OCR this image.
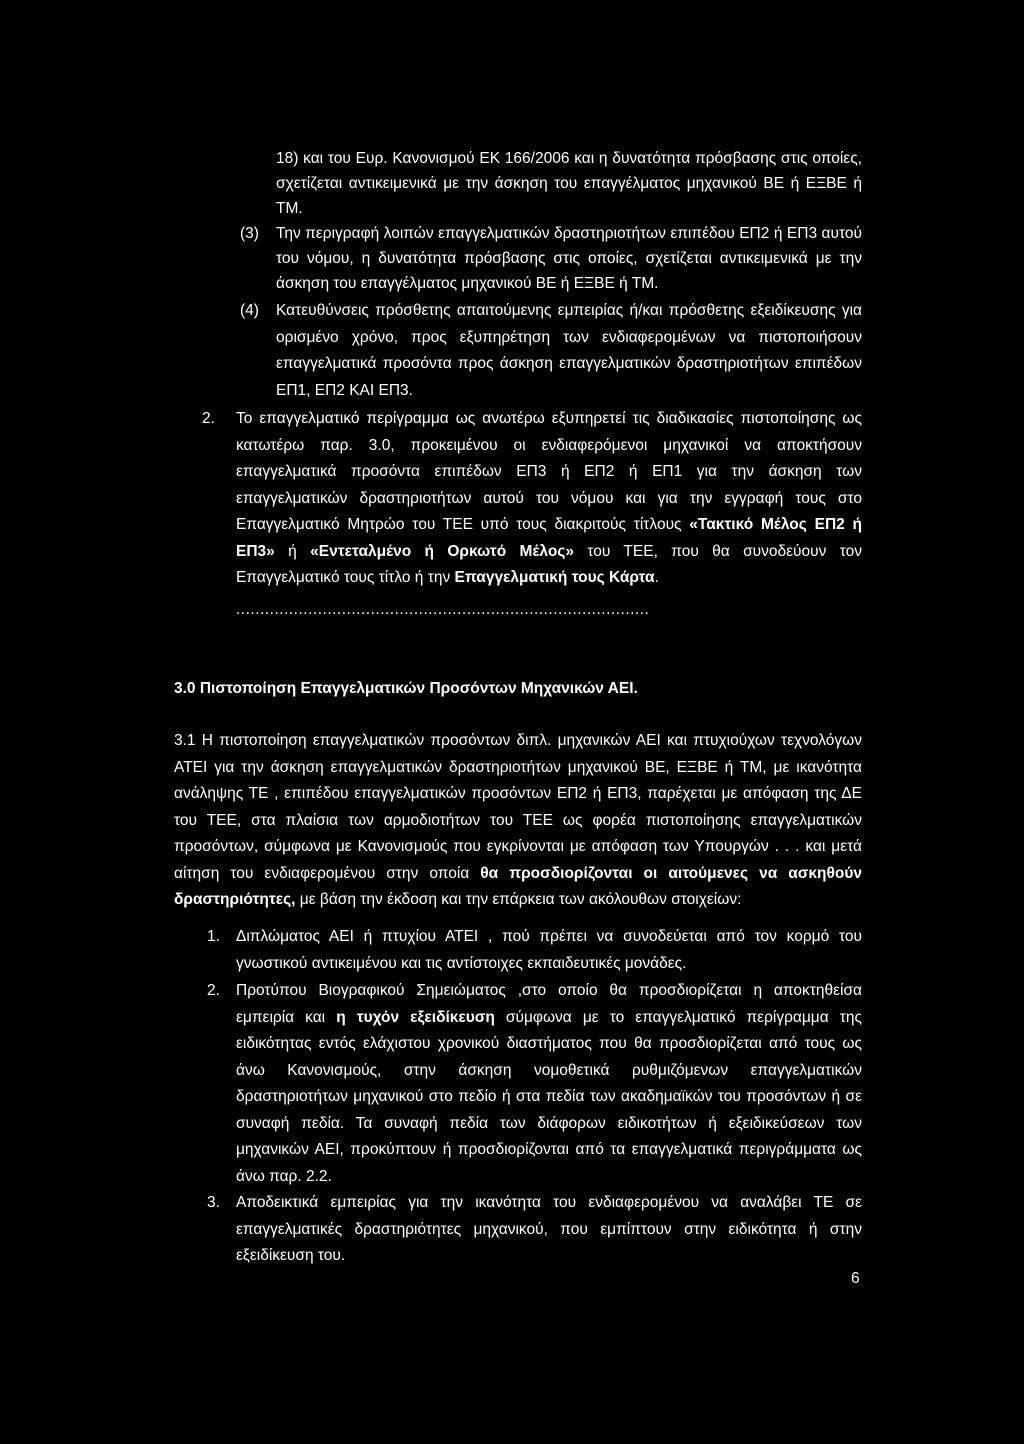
18) και του Ευρ. Κανονισμού ΕΚ 166/2006 και η δυνατότητα πρόσβασης στις οποίες, σχετίζεται αντικειμενικά με την άσκηση του επαγγέλματος μηχανικού ΒΕ ή ΕΞΒΕ ή ΤΜ.
(3) Την περιγραφή λοιπών επαγγελματικών δραστηριοτήτων επιπέδου ΕΠ2 ή ΕΠ3 αυτού του νόμου, η δυνατότητα πρόσβασης στις οποίες, σχετίζεται αντικειμενικά με την άσκηση του επαγγέλματος μηχανικού ΒΕ ή ΕΞΒΕ ή ΤΜ.
(4) Κατευθύνσεις πρόσθετης απαιτούμενης εμπειρίας ή/και πρόσθετης εξειδίκευσης για ορισμένο χρόνο, προς εξυπηρέτηση των ενδιαφερομένων να πιστοποιήσουν επαγγελματικά προσόντα προς άσκηση επαγγελματικών δραστηριοτήτων επιπέδων ΕΠ1, ΕΠ2 ΚΑΙ ΕΠ3.
2. Το επαγγελματικό περίγραμμα ως ανωτέρω εξυπηρετεί τις διαδικασίες πιστοποίησης ως κατωτέρω παρ. 3.0, προκειμένου οι ενδιαφερόμενοι μηχανικοί να αποκτήσουν επαγγελματικά προσόντα επιπέδων ΕΠ3 ή ΕΠ2 ή ΕΠ1 για την άσκηση των επαγγελματικών δραστηριοτήτων αυτού του νόμου και για την εγγραφή τους στο Επαγγελματικό Μητρώο του ΤΕΕ υπό τους διακριτούς τίτλους «Τακτικό Μέλος ΕΠ2 ή ΕΠ3» ή «Εντεταλμένο ή Ορκωτό Μέλος» του ΤΕΕ, που θα συνοδεύουν τον Επαγγελματικό τους τίτλο ή την Επαγγελματική τους Κάρτα.
......................................................................................
3.0 Πιστοποίηση Επαγγελματικών Προσόντων Μηχανικών ΑΕΙ.
3.1 Η πιστοποίηση επαγγελματικών προσόντων διπλ. μηχανικών ΑΕΙ και πτυχιούχων τεχνολόγων ΑΤΕΙ για την άσκηση επαγγελματικών δραστηριοτήτων μηχανικού ΒΕ, ΕΞΒΕ ή ΤΜ, με ικανότητα ανάληψης ΤΕ , επιπέδου επαγγελματικών προσόντων ΕΠ2 ή ΕΠ3, παρέχεται με απόφαση της ΔΕ του ΤΕΕ, στα πλαίσια των αρμοδιοτήτων του ΤΕΕ ως φορέα πιστοποίησης επαγγελματικών προσόντων, σύμφωνα με Κανονισμούς που εγκρίνονται με απόφαση των Υπουργών . . . και μετά αίτηση του ενδιαφερομένου στην οποία θα προσδιορίζονται οι αιτούμενες να ασκηθούν δραστηριότητες, με βάση την έκδοση και την επάρκεια των ακόλουθων στοιχείων:
1. Διπλώματος ΑΕΙ ή πτυχίου ΑΤΕΙ , πού πρέπει να συνοδεύεται από τον κορμό του γνωστικού αντικειμένου και τις αντίστοιχες εκπαιδευτικές μονάδες.
2. Προτύπου Βιογραφικού Σημειώματος ,στο οποίο θα προσδιορίζεται η αποκτηθείσα εμπειρία και η τυχόν εξειδίκευση σύμφωνα με το επαγγελματικό περίγραμμα της ειδικότητας εντός ελάχιστου χρονικού διαστήματος που θα προσδιορίζεται από τους ως άνω Κανονισμούς, στην άσκηση νομοθετικά ρυθμιζόμενων επαγγελματικών δραστηριοτήτων μηχανικού στο πεδίο ή στα πεδία των ακαδημαϊκών του προσόντων ή σε συναφή πεδία. Τα συναφή πεδία των διάφορων ειδικοτήτων ή εξειδικεύσεων των μηχανικών ΑΕΙ, προκύπτουν ή προσδιορίζονται από τα επαγγελματικά περιγράμματα ως άνω παρ. 2.2.
3. Αποδεικτικά εμπειρίας για την ικανότητα του ενδιαφερομένου να αναλάβει ΤΕ σε επαγγελματικές δραστηριότητες μηχανικού, που εμπίπτουν στην ειδικότητα ή στην εξειδίκευση του.
6
